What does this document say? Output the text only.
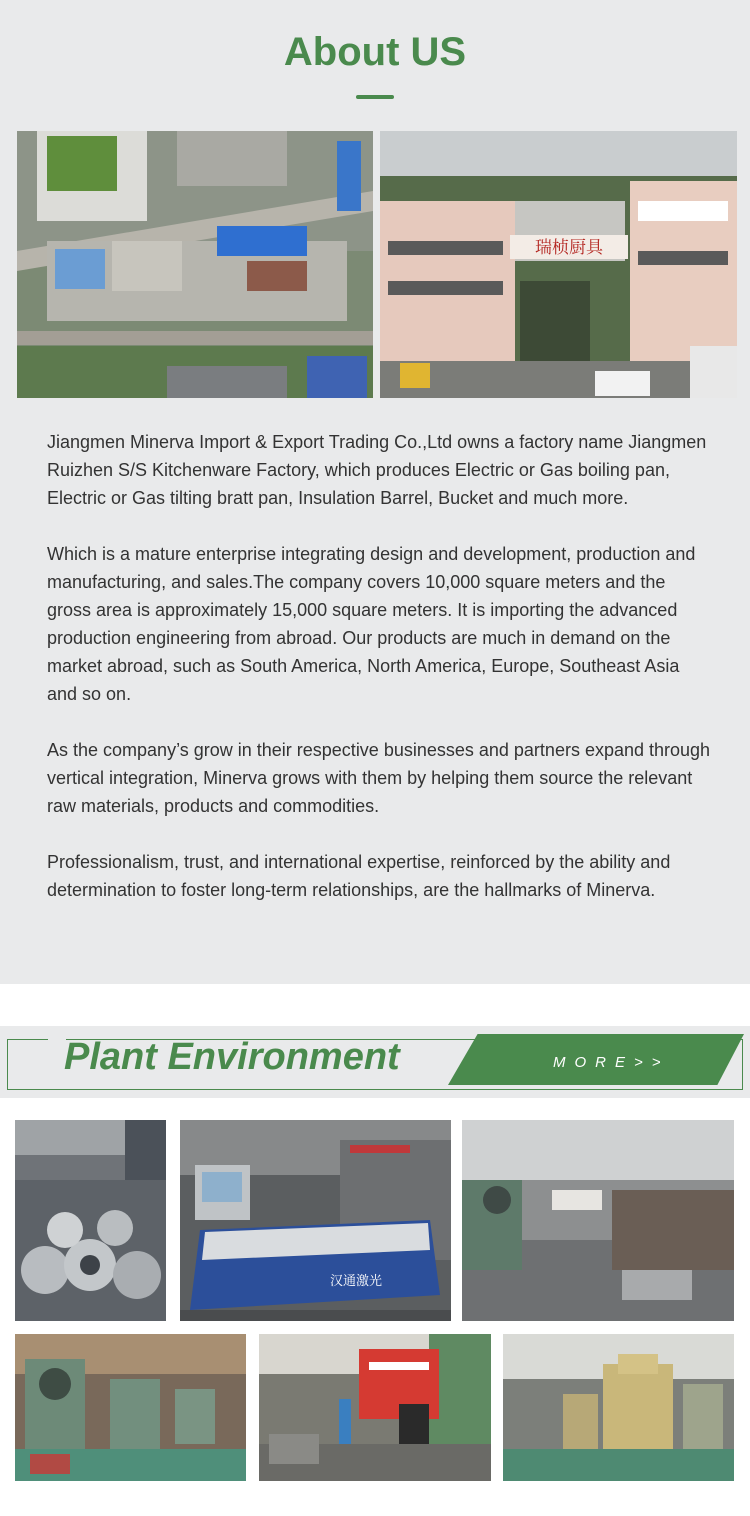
About US
瑞桢厨具

Jiangmen Minerva Import & Export Trading Co.,Ltd owns a factory name Jiangmen Ruizhen S/S Kitchenware Factory, which produces Electric or Gas boiling pan, Electric or Gas tilting bratt pan, Insulation Barrel, Bucket and much more.

Which is a mature enterprise integrating design and development, production and manufacturing, and sales.The company covers 10,000 square meters and the gross area is approximately 15,000 square meters. It is importing the advanced production engineering from abroad. Our products are much in demand on the market abroad, such as South America, North America, Europe, Southeast Asia and so on.

As the company’s grow in their respective businesses and partners expand through vertical integration, Minerva grows with them by helping them source the relevant raw materials, products and commodities.

Professionalism, trust, and international expertise, reinforced by the ability and determination to foster long-term relationships, are the hallmarks of Minerva.

Plant Environment	MORE>>
汉通激光
